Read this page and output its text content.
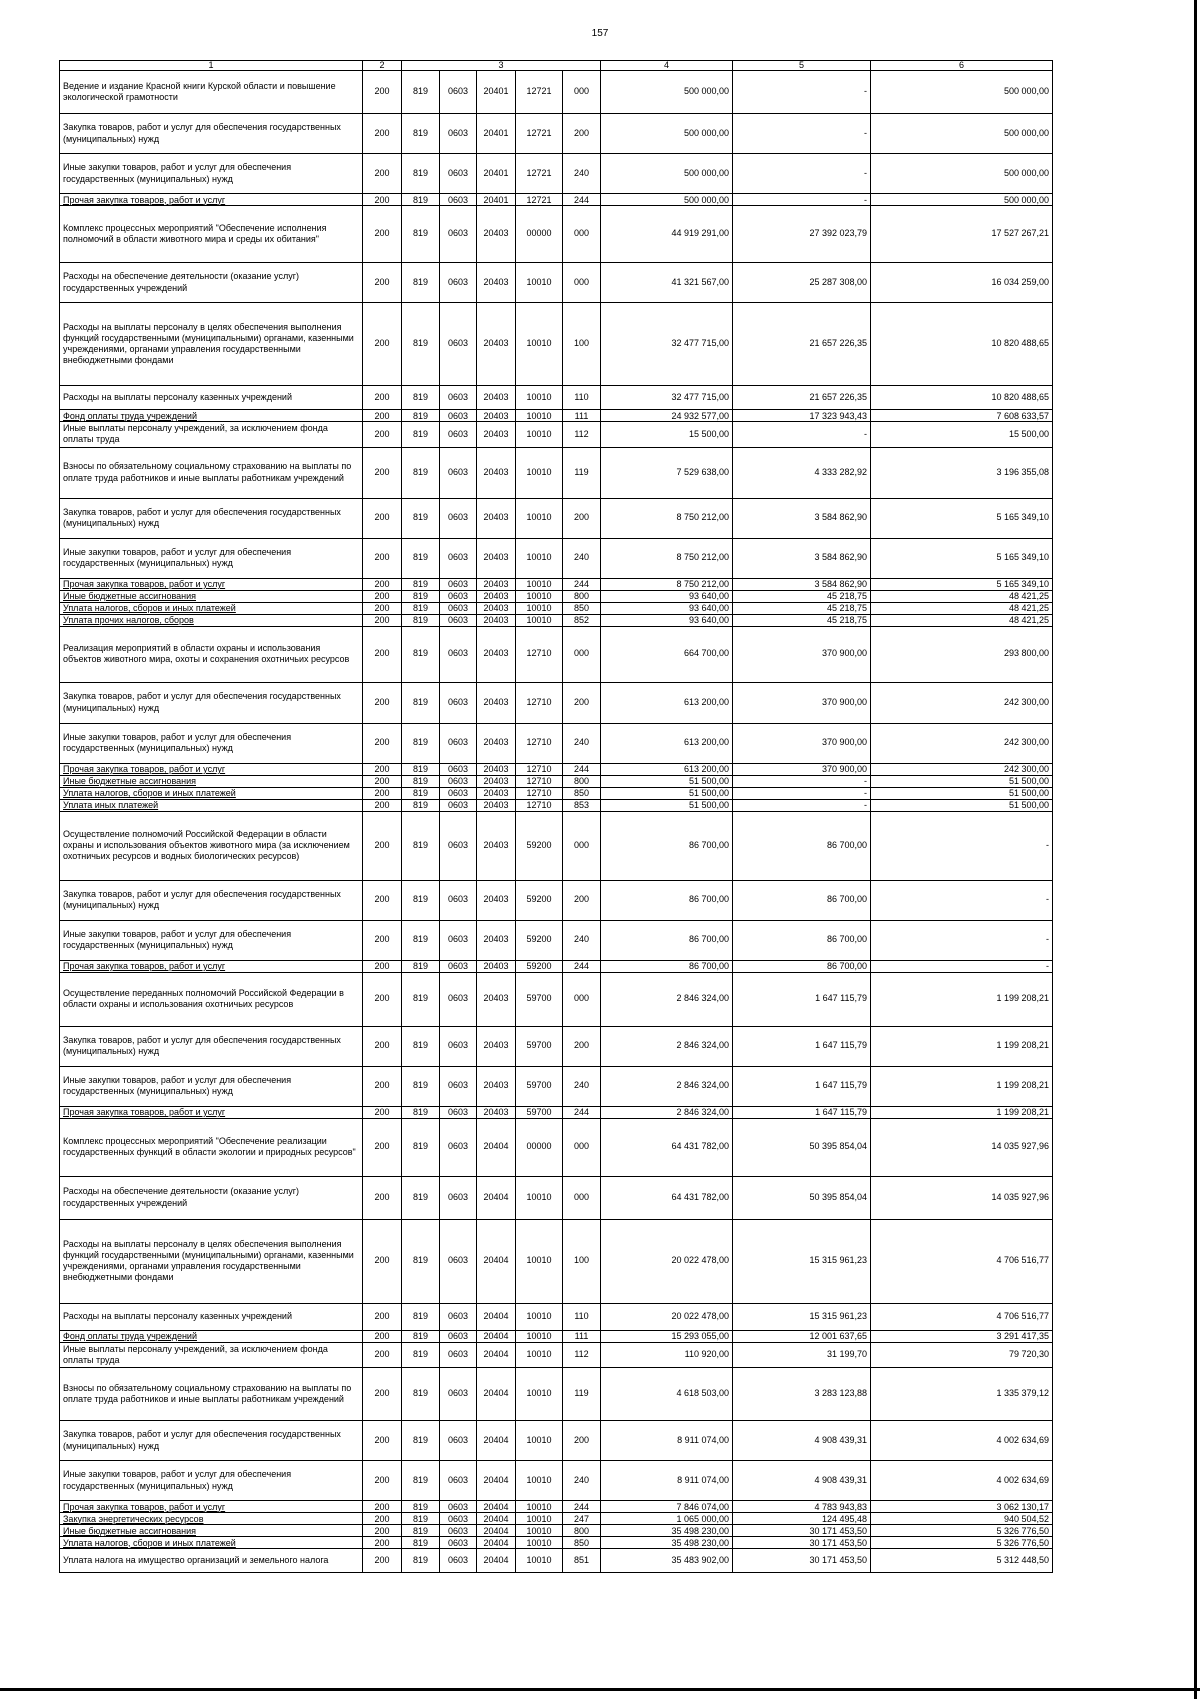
157
1	2	3					4	5	6
Ведение и издание Красной книги Курской области и повышение экологической грамотности	200	819	0603	20401	12721	000	500 000,00	-	500 000,00
Закупка товаров, работ и услуг для обеспечения государственных (муниципальных) нужд	200	819	0603	20401	12721	200	500 000,00	-	500 000,00
Иные закупки товаров, работ и услуг для обеспечения государственных (муниципальных) нужд	200	819	0603	20401	12721	240	500 000,00	-	500 000,00
Прочая закупка товаров, работ и услуг	200	819	0603	20401	12721	244	500 000,00	-	500 000,00
Комплекс процессных мероприятий "Обеспечение исполнения полномочий в области животного мира и среды их обитания"	200	819	0603	20403	00000	000	44 919 291,00	27 392 023,79	17 527 267,21
Расходы на обеспечение деятельности (оказание услуг) государственных учреждений	200	819	0603	20403	10010	000	41 321 567,00	25 287 308,00	16 034 259,00
Расходы на выплаты персоналу в целях обеспечения выполнения функций государственными (муниципальными) органами, казенными учреждениями, органами управления государственными внебюджетными фондами	200	819	0603	20403	10010	100	32 477 715,00	21 657 226,35	10 820 488,65
Расходы на выплаты персоналу казенных учреждений	200	819	0603	20403	10010	110	32 477 715,00	21 657 226,35	10 820 488,65
Фонд оплаты труда учреждений	200	819	0603	20403	10010	111	24 932 577,00	17 323 943,43	7 608 633,57
Иные выплаты персоналу учреждений, за исключением фонда оплаты труда	200	819	0603	20403	10010	112	15 500,00	-	15 500,00
Взносы по обязательному социальному страхованию на выплаты по оплате труда работников и иные выплаты работникам учреждений	200	819	0603	20403	10010	119	7 529 638,00	4 333 282,92	3 196 355,08
Закупка товаров, работ и услуг для обеспечения государственных (муниципальных) нужд	200	819	0603	20403	10010	200	8 750 212,00	3 584 862,90	5 165 349,10
Иные закупки товаров, работ и услуг для обеспечения государственных (муниципальных) нужд	200	819	0603	20403	10010	240	8 750 212,00	3 584 862,90	5 165 349,10
Прочая закупка товаров, работ и услуг	200	819	0603	20403	10010	244	8 750 212,00	3 584 862,90	5 165 349,10
Иные бюджетные ассигнования	200	819	0603	20403	10010	800	93 640,00	45 218,75	48 421,25
Уплата налогов, сборов и иных платежей	200	819	0603	20403	10010	850	93 640,00	45 218,75	48 421,25
Уплата прочих налогов, сборов	200	819	0603	20403	10010	852	93 640,00	45 218,75	48 421,25
Реализация мероприятий в области охраны и использования объектов животного мира, охоты и сохранения охотничьих ресурсов	200	819	0603	20403	12710	000	664 700,00	370 900,00	293 800,00
Закупка товаров, работ и услуг для обеспечения государственных (муниципальных) нужд	200	819	0603	20403	12710	200	613 200,00	370 900,00	242 300,00
Иные закупки товаров, работ и услуг для обеспечения государственных (муниципальных) нужд	200	819	0603	20403	12710	240	613 200,00	370 900,00	242 300,00
Прочая закупка товаров, работ и услуг	200	819	0603	20403	12710	244	613 200,00	370 900,00	242 300,00
Иные бюджетные ассигнования	200	819	0603	20403	12710	800	51 500,00	-	51 500,00
Уплата налогов, сборов и иных платежей	200	819	0603	20403	12710	850	51 500,00	-	51 500,00
Уплата иных платежей	200	819	0603	20403	12710	853	51 500,00	-	51 500,00
Осуществление полномочий Российской Федерации в области охраны и использования объектов животного мира (за исключением охотничьих ресурсов и водных биологических ресурсов)	200	819	0603	20403	59200	000	86 700,00	86 700,00	-
Закупка товаров, работ и услуг для обеспечения государственных (муниципальных) нужд	200	819	0603	20403	59200	200	86 700,00	86 700,00	-
Иные закупки товаров, работ и услуг для обеспечения государственных (муниципальных) нужд	200	819	0603	20403	59200	240	86 700,00	86 700,00	-
Прочая закупка товаров, работ и услуг	200	819	0603	20403	59200	244	86 700,00	86 700,00	-
Осуществление переданных полномочий Российской Федерации в области охраны и использования охотничьих ресурсов	200	819	0603	20403	59700	000	2 846 324,00	1 647 115,79	1 199 208,21
Закупка товаров, работ и услуг для обеспечения государственных (муниципальных) нужд	200	819	0603	20403	59700	200	2 846 324,00	1 647 115,79	1 199 208,21
Иные закупки товаров, работ и услуг для обеспечения государственных (муниципальных) нужд	200	819	0603	20403	59700	240	2 846 324,00	1 647 115,79	1 199 208,21
Прочая закупка товаров, работ и услуг	200	819	0603	20403	59700	244	2 846 324,00	1 647 115,79	1 199 208,21
Комплекс процессных мероприятий "Обеспечение реализации государственных функций в области экологии и природных ресурсов"	200	819	0603	20404	00000	000	64 431 782,00	50 395 854,04	14 035 927,96
Расходы на обеспечение деятельности (оказание услуг) государственных учреждений	200	819	0603	20404	10010	000	64 431 782,00	50 395 854,04	14 035 927,96
Расходы на выплаты персоналу в целях обеспечения выполнения функций государственными (муниципальными) органами, казенными учреждениями, органами управления государственными внебюджетными фондами	200	819	0603	20404	10010	100	20 022 478,00	15 315 961,23	4 706 516,77
Расходы на выплаты персоналу казенных учреждений	200	819	0603	20404	10010	110	20 022 478,00	15 315 961,23	4 706 516,77
Фонд оплаты труда учреждений	200	819	0603	20404	10010	111	15 293 055,00	12 001 637,65	3 291 417,35
Иные выплаты персоналу учреждений, за исключением фонда оплаты труда	200	819	0603	20404	10010	112	110 920,00	31 199,70	79 720,30
Взносы по обязательному социальному страхованию на выплаты по оплате труда работников и иные выплаты работникам учреждений	200	819	0603	20404	10010	119	4 618 503,00	3 283 123,88	1 335 379,12
Закупка товаров, работ и услуг для обеспечения государственных (муниципальных) нужд	200	819	0603	20404	10010	200	8 911 074,00	4 908 439,31	4 002 634,69
Иные закупки товаров, работ и услуг для обеспечения государственных (муниципальных) нужд	200	819	0603	20404	10010	240	8 911 074,00	4 908 439,31	4 002 634,69
Прочая закупка товаров, работ и услуг	200	819	0603	20404	10010	244	7 846 074,00	4 783 943,83	3 062 130,17
Закупка энергетических ресурсов	200	819	0603	20404	10010	247	1 065 000,00	124 495,48	940 504,52
Иные бюджетные ассигнования	200	819	0603	20404	10010	800	35 498 230,00	30 171 453,50	5 326 776,50
Уплата налогов, сборов и иных платежей	200	819	0603	20404	10010	850	35 498 230,00	30 171 453,50	5 326 776,50
Уплата налога на имущество организаций и земельного налога	200	819	0603	20404	10010	851	35 483 902,00	30 171 453,50	5 312 448,50
